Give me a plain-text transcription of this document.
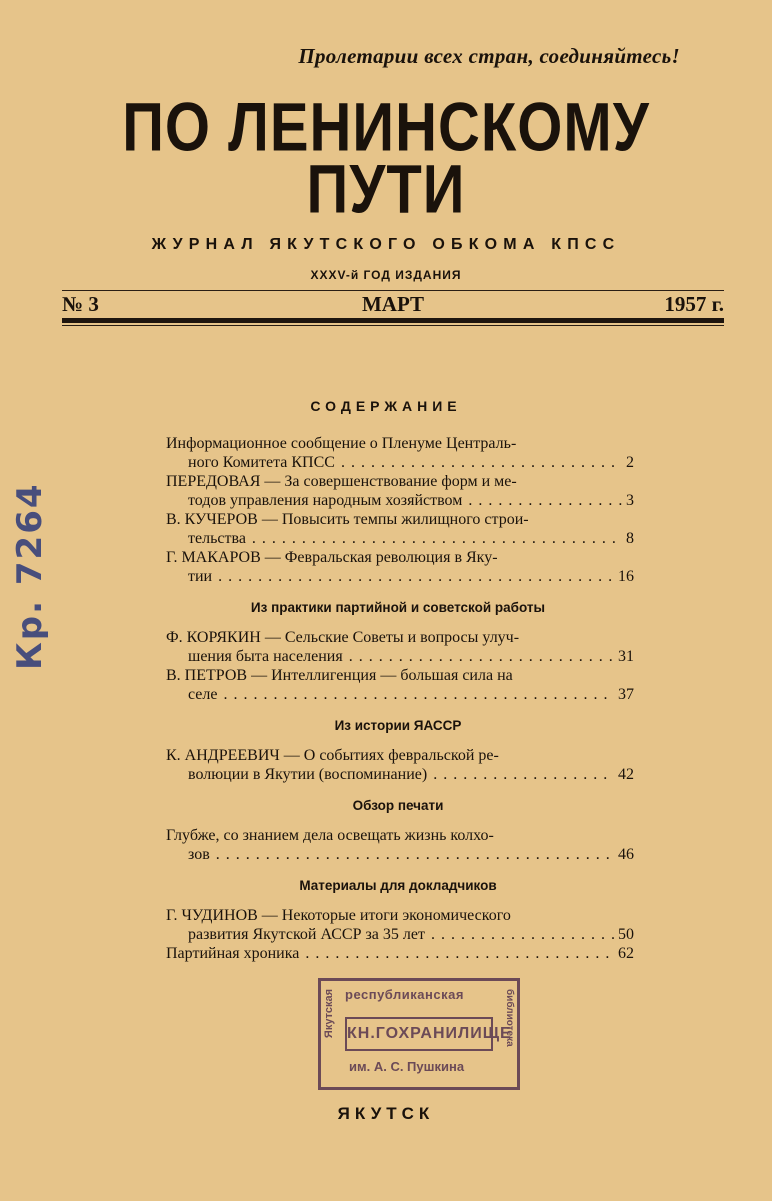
Пролетарии всех стран, соединяйтесь!
ПО ЛЕНИНСКОМУ
ПУТИ
ЖУРНАЛ ЯКУТСКОГО ОБКОМА КПСС
XXXV-й ГОД ИЗДАНИЯ
№ 3	МАРТ	1957 г.
Кр. 7264
СОДЕРЖАНИЕ
Информационное сообщение о Пленуме Централь-
ного Комитета КПСС . . .	2
ПЕРЕДОВАЯ — За совершенствование форм и ме-
тодов управления народным хозяйством . . .	3
В. КУЧЕРОВ — Повысить темпы жилищного строи-
тельства . . .	8
Г. МАКАРОВ — Февральская революция в Яку-
тии . . .	16
Из практики партийной и советской работы
Ф. КОРЯКИН — Сельские Советы и вопросы улуч-
шения быта населения . . .	31
В. ПЕТРОВ — Интеллигенция — большая сила на
селе . . .	37
Из истории ЯАССР
К. АНДРЕЕВИЧ — О событиях февральской ре-
волюции в Якутии (воспоминание) . . .	42
Обзор печати
Глубже, со знанием дела освещать жизнь колхо-
зов . . .	46
Материалы для докладчиков
Г. ЧУДИНОВ — Некоторые итоги экономического
развития Якутской АССР за 35 лет . . .	50
Партийная хроника . . .	62
Якутская республиканская
КН.ГОХРАНИЛИЩЕ
им. А. С. Пушкина
библиотека
ЯКУТСК
